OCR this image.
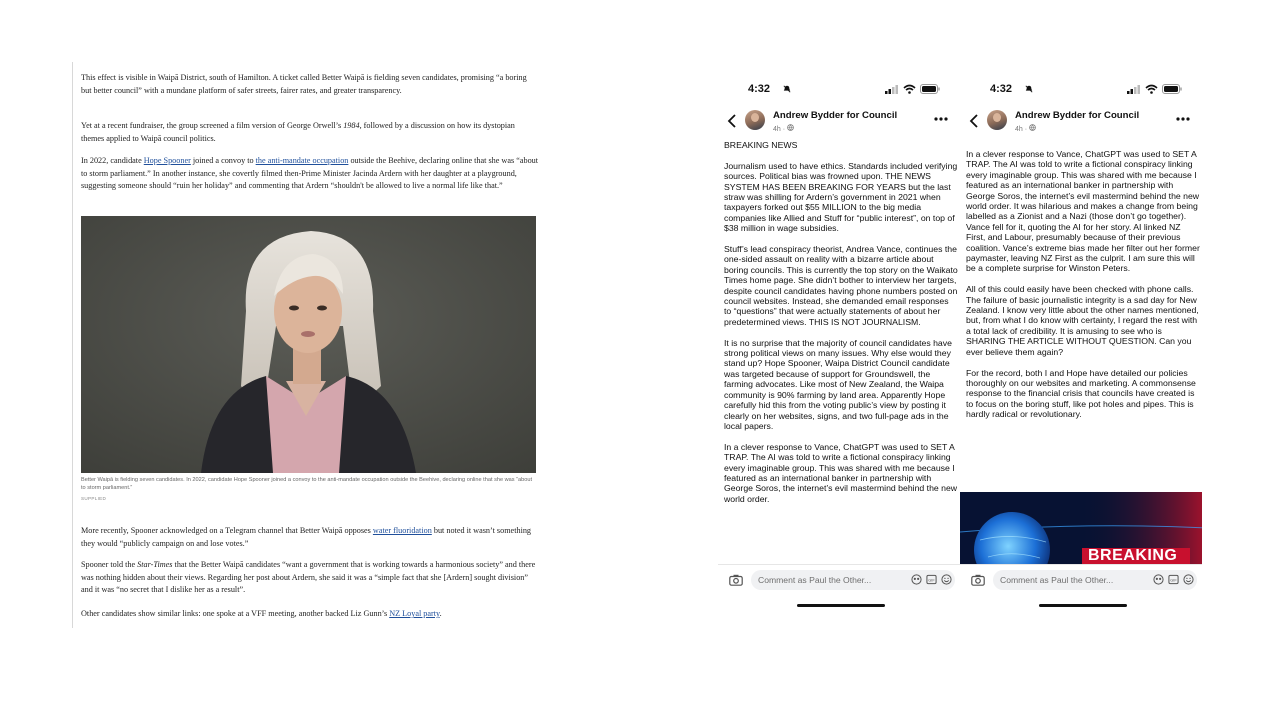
This effect is visible in Waipā District, south of Hamilton. A ticket called Better Waipā is fielding seven candidates, promising “a boring but better council” with a mundane platform of safer streets, fairer rates, and greater transparency.

Yet at a recent fundraiser, the group screened a film version of George Orwell’s 1984, followed by a discussion on how its dystopian themes applied to Waipā council politics.

In 2022, candidate Hope Spooner joined a convoy to the anti-mandate occupation outside the Beehive, declaring online that she was “about to storm parliament.” In another instance, she covertly filmed then-Prime Minister Jacinda Ardern with her daughter at a playground, suggesting someone should “ruin her holiday” and commenting that Ardern “shouldn't be allowed to live a normal life like that.”

Better Waipā is fielding seven candidates. In 2022, candidate Hope Spooner joined a convoy to the anti-mandate occupation outside the Beehive, declaring online that she was “about to storm parliament.”

SUPPLIED

More recently, Spooner acknowledged on a Telegram channel that Better Waipā opposes water fluoridation but noted it wasn’t something they would “publicly campaign on and lose votes.”

Spooner told the Star-Times that the Better Waipā candidates “want a government that is working towards a harmonious society” and there was nothing hidden about their views. Regarding her post about Ardern, she said it was a “simple fact that she [Ardern] sought division” and it was “no secret that I dislike her as a result”.

Other candidates show similar links: one spoke at a VFF meeting, another backed Liz Gunn’s NZ Loyal party.

4:32
Andrew Bydder for Council
4h ·

BREAKING NEWS

Journalism used to have ethics. Standards included verifying sources. Political bias was frowned upon. THE NEWS SYSTEM HAS BEEN BREAKING FOR YEARS but the last straw was shilling for Ardern’s government in 2021 when taxpayers forked out $55 MILLION to the big media companies like Allied and Stuff for “public interest”, on top of $38 million in wage subsidies.

Stuff’s lead conspiracy theorist, Andrea Vance, continues the one-sided assault on reality with a bizarre article about boring councils. This is currently the top story on the Waikato Times home page. She didn’t bother to interview her targets, despite council candidates having phone numbers posted on council websites. Instead, she demanded email responses to “questions” that were actually statements of about her predetermined views. THIS IS NOT JOURNALISM.

It is no surprise that the majority of council candidates have strong political views on many issues. Why else would they stand up? Hope Spooner, Waipa District Council candidate was targeted because of support for Groundswell, the farming advocates. Like most of New Zealand, the Waipa community is 90% farming by land area. Apparently Hope carefully hid this from the voting public’s view by posting it clearly on her websites, signs, and two full-page ads in the local papers.

In a clever response to Vance, ChatGPT was used to SET A TRAP. The AI was told to write a fictional conspiracy linking every imaginable group. This was shared with me because I featured as an international banker in partnership with George Soros, the internet’s evil mastermind behind the new world order.

Comment as Paul the Other...	GIF
4:32
Andrew Bydder for Council
4h ·

In a clever response to Vance, ChatGPT was used to SET A TRAP. The AI was told to write a fictional conspiracy linking every imaginable group. This was shared with me because I featured as an international banker in partnership with George Soros, the internet’s evil mastermind behind the new world order. It was hilarious and makes a change from being labelled as a Zionist and a Nazi (those don’t go together). Vance fell for it, quoting the AI for her story. AI linked NZ First, and Labour, presumably because of their previous coalition. Vance’s extreme bias made her filter out her former paymaster, leaving NZ First as the culprit. I am sure this will be a complete surprise for Winston Peters.

All of this could easily have been checked with phone calls. The failure of basic journalistic integrity is a sad day for New Zealand. I know very little about the other names mentioned, but, from what I do know with certainty, I regard the rest with a total lack of credibility. It is amusing to see who is SHARING THE ARTICLE WITHOUT QUESTION. Can you ever believe them again?

For the record, both I and Hope have detailed our policies thoroughly on our websites and marketing. A commonsense response to the financial crisis that councils have created is to focus on the boring stuff, like pot holes and pipes. This is hardly radical or revolutionary.

BREAKING
Comment as Paul the Other...	GIF
